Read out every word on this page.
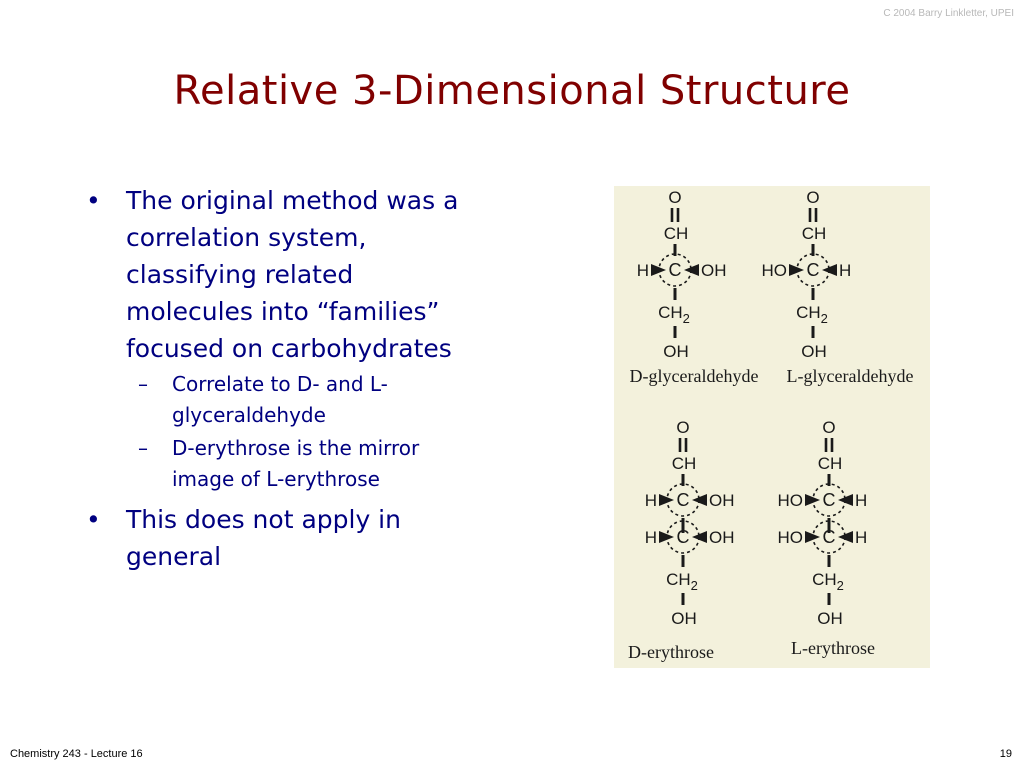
C 2004 Barry Linkletter, UPEI
Relative 3-Dimensional Structure
• The original method was a correlation system, classifying related molecules into “families” focused on carbohydrates
– Correlate to D- and L-glyceraldehyde
– D-erythrose is the mirror image of L-erythrose
• This does not apply in general
O
CH
C
H	OH
$CH_2$
OH
D-glyceraldehyde
O
CH
C
HO	H
$CH_2$
OH
L-glyceraldehyde
O
CH
C
H	OH
C
H	OH
$CH_2$
OH
D-erythrose
O
CH
C
HO	H
C
HO	H
$CH_2$
OH
L-erythrose
Chemistry 243 - Lecture 16	19
